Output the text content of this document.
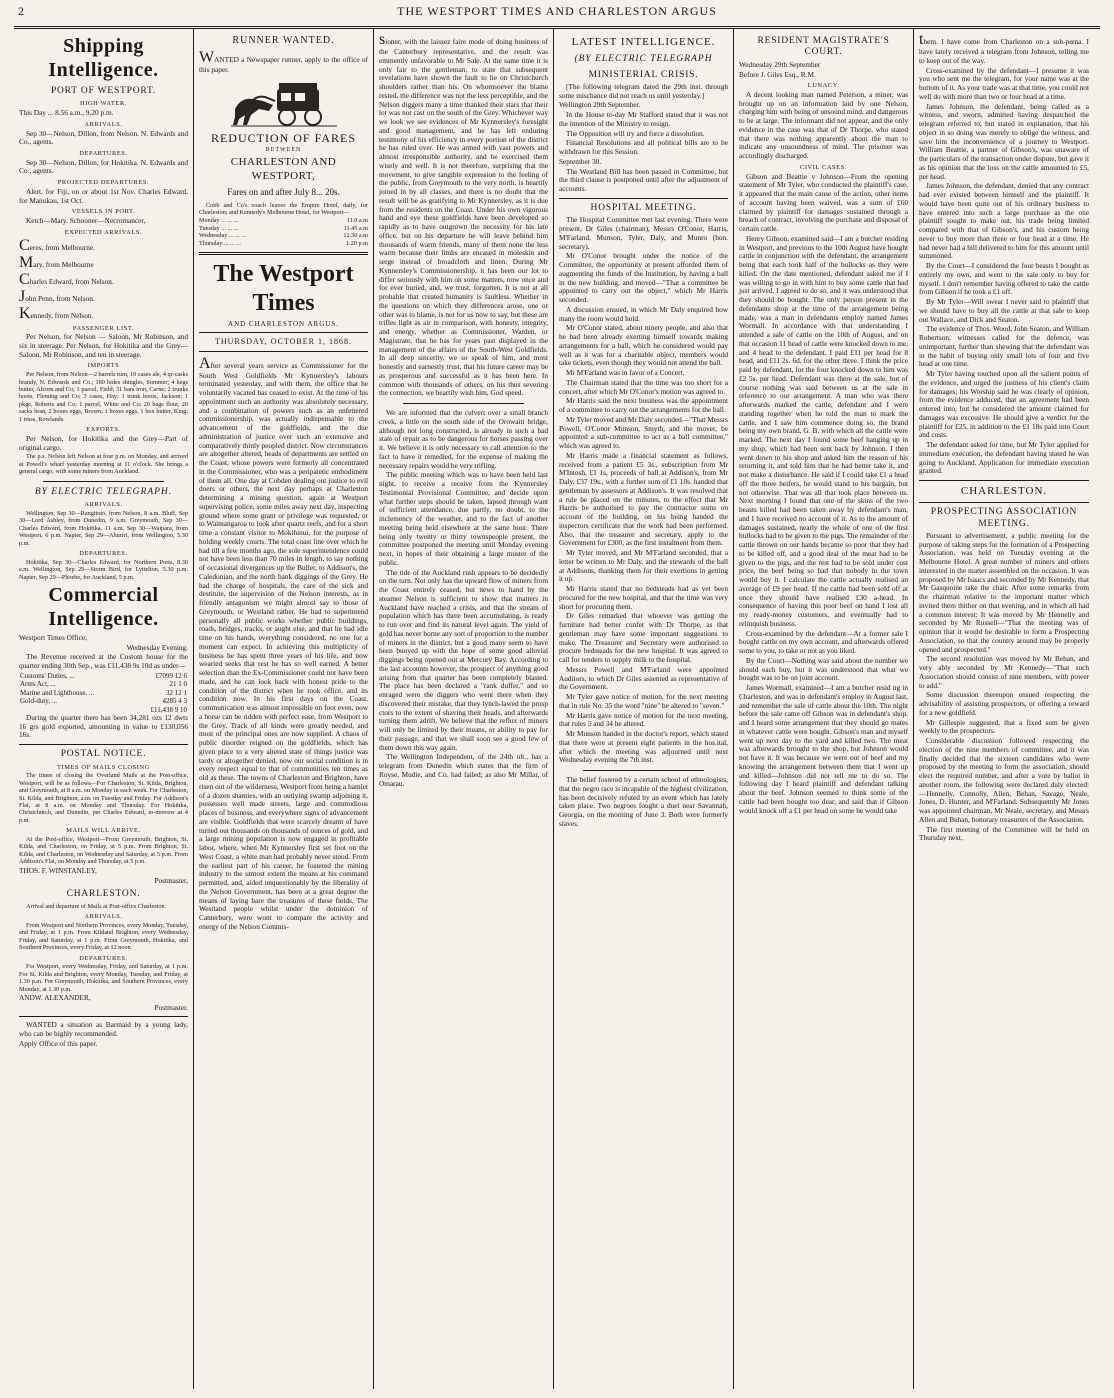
2	THE WESTPORT TIMES AND CHARLESTON ARGUS
Shipping Intelligence.
PORT OF WESTPORT.
HIGH WATER.

This Day ... 8.56 a.m., 9.20 p.m.

ARRIVALS.

Sep 30—Nelson, Dillon, from Nelson. N. Edwards and Co., agents.

DEPARTURES.

Sep 30—Nelson, Dillon, for Hokitika. N. Edwards and Co., agents.

PROJECTED DEPARTURES.

Alert, for Fiji, on or about 1st Nov. Charles Edward, for Manukau, 1st Oct.

VESSELS IN PORT.

Ketch—Mary. Schooner—Necromancer,

EXPECTED ARRIVALS.

Ceres, from Melbourne.

Mary, from Melbourne

Charles Edward, from Nelson.

John Penn, from Nelson.

Kennedy, from Nelson.

PASSENGER LIST.

Per Nelson, for Nelson — Saloon, Mr Robinson, and six in steerage. Per Nelson, for Hokitika and the Grey—Saloon, Mr Robinson, and ten in steerage.

IMPORTS

Per Nelson, from Nelson—2 barrels rum, 10 cases ale, 4 qr-casks brandy, N. Edwards and Co.; 160 hides shingles, Sommer; 4 kegs butter, Alcorn and Co; 1 parcel, Field; 31 bars iron, Carne; 2 trunks boots, Fleming and Co; 3 cases, Hay; 1 trunk boots, Jackson; 1 pkge, Roberts and Co; 1 parcel, White and Co; 20 bags flour, 20 sacks bran, 2 boxes eggs, Brown; 1 boxes eggs, 1 box butter, King; 1 truss, Rowlands.

EXPORTS.

Per Nelson, for Hokitika and the Grey—Part of original cargo.

The p.s. Nelson left Nelson at four p.m. on Monday, and arrived at Powell's wharf yesterday morning at 11 o'clock. She brings a general cargo, with some miners from Auckland.

BY ELECTRIC TELEGRAPH.
ARRIVALS.

Wellington, Sep 30—Rangitoto, from Nelson, 8 a.m. Bluff, Sep 30—Lord Ashley, from Dunedin, 9 a.m. Greymouth, Sep 30—Charles Edward, from Hokitika, 11 a.m. Sep 30—Waipara, from Westport, 6 p.m. Napier, Sep 29—Ahuriri, from Wellington, 5.30 p.m.

DEPARTURES.

Hokitika, Sep 30—Charles Edward, for Northern Ports, 8.30 a.m. Wellington, Sep 29—Storm Bird, for Lyttelton, 5.30 p.m. Napier, Sep 29—Phoebe, for Auckland, 5 p.m.

Commercial Intelligence.

Westport Times Office,

Wednesday Evening.

The Revenue received at the Custom house for the quarter ending 30th Sep., was £11,438 9s 10d as under—

Customs' Duties, ...	£7099 12 6
Arms Act, ...	21 1 0
Marine and Lighthouse, ...	32 12 1
Gold-duty, ...	4285 4 3
	£11,438 9 10

During the quarter there has been 34,281 ozs 12 dwts 16 grs gold exported, amounting in value to £130,056 16s.

POSTAL NOTICE.
TIMES OF MAILS CLOSING

The times of closing the Overland Mails at the Post-office, Westport, will be as follows—For Charleston, St. Kilda, Brighton, and Greymouth, at 8 a.m. on Monday in each week. For Charleston, St. Kilda, and Brighton, a.m. on Tuesday and Friday. For Addison's Flat, at 8 a.m. on Monday and Thursday. For Hokitika, Christchurch, and Dunedin, per Charles Edward, to-morrow at 4 p.m.

MAILS WILL ARRIVE.

At the Post-office, Westport—From Greymouth, Brighton, St. Kilda, and Charleston, on Friday, at 5 p.m. From Brighton, St. Kilda, and Charleston, on Wednesday and Saturday, at 5 p.m. From Addison's Flat, on Monday and Thursday, at 5 p.m.

THOS. F. WINSTANLEY,

Postmaster,

CHARLESTON.

Arrival and departure of Mails at Post-office Charleston.

ARRIVALS.

From Westport and Northern Provinces, every Monday, Tuesday, and Friday, at 1 p.m. From Kildand Brighton, every Wednesday, Friday, and Saturday, at 1 p.m. From Greymouth, Hokitika, and Southern Provinces, every Friday, at 12 noon.

DEPARTURES.

For Westport, every Wednesday, Friday, and Saturday, at 1 p.m. For St. Kilda and Brighton, every Monday, Tuesday, and Friday, at 1.30 p.m. For Greymouth, Hokitika, and Southern Provinces, every Monday, at 1.30 p.m.

ANDW. ALEXANDER,

Postmaster.

WANTED a situation as Barmaid by a young lady, who can be highly recommended.

Apply Office of this paper.

RUNNER WANTED.

WANTED a Newspaper runner, apply to the office of this paper.

REDUCTION OF FARES
BETWEEN
CHARLESTON AND WESTPORT,
Fares on and after July 8... 20s.

Cobb and Co's coach leaves the Empire Hotel, daily, for Charleston; and Kennedy's Melbourne Hotel, for Westport—

Monday ... ... ...	11.0 a.m
Tuesday ... ... ...	11.45 a.m
Wednesday ... ... ...	12.30 a.m
Thursday ... ... ...	1.20 p.m
The Westport Times
AND CHARLESTON ARGUS.
THURSDAY, OCTOBER 1, 1868.

After several years service as Commissioner for the South West Goldfields Mr Kynnersley's labours terminated yesterday, and with them, the office that he voluntarily vacated has ceased to exist. At the time of his appointment such an authority was absolutely necessary, and a combination of powers such as an unfettered commissionership, was actually indispensable to the advancement of the goldfields, and the due administration of justice over such an extensive and comparatively thinly peopled district. Now circumstances are altogether altered, heads of departments are settled on the Coast, whose powers were formerly all concentrated in the Commissioner, who was a peripatetic embodiment of them all. One day at Cobden dealing out justice to evil doers or others, the next day perhaps at Charleston determining a mining question, again at Westport supervising police, some miles away next day, inspecting ground where some grant or privilege was requested, or to Waimangaroa to look after quartz reefs, and for a short time a constant visitor to Mokihinui, for the purpose of holding weekly courts. The total coast line over which he had till a few months ago, the sole superintendence could not have been less than 70 miles in length, to say nothing of occasional divergences up the Buller, to Addison's, the Caledonian, and the north bank diggings of the Grey. He had the charge of hospitals, the care of the sick and destitute, the supervision of the Nelson interests, as in friendly antagonism we might almost say to those of Greymouth, or Westland rather. He had to superintend personally all public works whether public buildings, roads, bridges, tracks, or aught else, and that he had idle time on his hands, everything considered, no one for a moment can expect. In achieving this multiplicity of business he has spent three years of his life, and now wearied seeks that rest he has so well earned. A better selection than the Ex-Commissioner could not have been made, and he can look back with honest pride to the condition of the district when he took office, and its condition now. In his first days on the Coast, communication was almost impossible on foot even, now a horse can be ridden with perfect ease, from Westport to the Grey. Track of all kinds were greatly needed, and most of the principal ones are now supplied. A chaos of public disorder reigned on the goldfields, which has given place to a very altered state of things justice was tardy or altogether denied, now our social condition is in every respect equal to that of communities ten times as old as these. The towns of Charleston and Brighton, have risen out of the wilderness, Westport from being a hamlet of a dozen shanties, with an outlying swamp adjoining it, possesses well made streets, large and commodious places of business, and everywhere signs of advancement are visible. Goldfields that were scarcely dreamt of have turned out thousands on thousands of ounces of gold, and a large mining population is now engaged in profitable labor, where, when Mr Kynnersley first set foot on the West Coast, a white man had probably never stood. From the earliest part of his career, he fostered the mining industry to the utmost extent the means at his command permitted, and, aided unquestionably by the liberality of the Nelson Government, has been at a great degree the means of laying bare the treasures of these fields. The Westland people whilst under the dominion of Canterbury, were wont to compare the activity and energy of the Nelson Commis-

sioner, with the laissez faire mode of doing business of the Canterbury representative, and the result was eminently unfavorable to Mr Sale. At the same time it is only fair to the gentleman, to state that subsequent revelations have shown the fault to lie on Christchurch shoulders rather than his. On whomsoever the blame rested, the difference was not the less perceptible, and the Nelson diggers many a time thanked their stars that their lot was not cast on the south of the Grey. Whichever way we look we see evidences of Mr Kynnersley's foresight and good management, and he has left enduring testimony of his efficiency in every portion of the district he has ruled over. He was armed with vast powers and almost irresponsible authority, and he exercised them wisely and well. It is not therefore, surprising that the movement, to give tangible expression to the feeling of the public, from Greymouth to the very north, is heartily joined in by all classes, and there is no doubt that the result will be as gratifying to Mr Kynnersley, as it is due from the residents on the Coast. Under his own vigorous hand and eye these goldfields have been developed so rapidly as to have outgrown the necessity for his late office, but on his departure he will leave behind him thousands of warm friends, many of them none the less warm because their limbs are encased in moleskin and serge instead of broadcloth and linen. During Mr Kynnersley's Commissionership, it has been our lot to differ seriously with him on some matters, now once and for ever buried, and, we trust, forgotten. It is not at all probable that created humanity is faultless. Whether in the questions on which they differences arose, one or other was to blame, is not for us now to say, but these are trifles light as air in comparison, with honesty, integrity, and energy, whether as Commissioner, Warden, or Magistrate, that he has for years past displayed in the management of the affairs of the South-West Goldfields. In all deep sincerity, we so speak of him, and most honestly and earnestly trust, that his future career may be as prosperous and successful as it has been here. In common with thousands of others, on his thus severing the connection, we heartily wish him, God speed.

We are informed that the culvert over a small branch creek, a little on the south side of the Orowaiti bridge, although not long constructed, is already in such a bad state of repair as to be dangerous for horses passing over it. We believe it is only necessary to call attention to the fact to have it remedied, for the expense of making the necessary repairs would be very trifling.

The public meeting which was to have been held last night, to receive a receive from the Kynnersley Testimonial Provisional Committee, and decide upon what further steps should be taken, lapsed through want of sufficient attendance, due partly, no doubt, to the inclemency of the weather, and to the fact of another meeting being held elsewhere at the same hour. There being only twenty or thirty townspeople present, the committee postponed the meeting until Monday evening next, in hopes of their obtaining a large muster of the public.

The tide of the Auckland rush appears to be decidedly on the turn. Not only has the upward flow of miners from the Coast entirely ceased, but news to hand by the steamer Nelson is sufficient to show that matters in Auckland have reached a crisis, and that the stream of population which has there been accumulating, is ready to run over and find its natural level again. The yield of gold has never borne any sort of proportion to the number of miners in the district, but a good many seem to have been buoyed up with the hope of some good alluvial diggings being opened out at Mercury Bay. According to the last accounts however, the prospect of anything good arising from that quarter has been completely blasted. The place has been declared a "rank duffer," and so enraged were the diggers who went there when they discovered their mistake, that they lynch-lawed the prosp ctors to the extent of shaving their heads, and afterwards turning them adrift. We believe that the reflux of miners will only be limited by their means, or ability to pay for their passage, and that we shall soon see a good few of them down this way again.

The Wellington Independent, of the 24th ult., has a telegram from Dunedin which states that the firm of Royse, Mudie, and Co. had failed; as also Mr Millar, of Omarau.

LATEST INTELLIGENCE.
(BY ELECTRIC TELEGRAPH
MINISTERIAL CRISIS.

[The following telegram dated the 29th inst. through some mischance did not reach us until yesterday.]

Wellington 29th September.

In the House to-day Mr Stafford stated that it was not the intention of the Ministry to resign.

The Opposition will try and force a dissolution.

Financial Resolutions and all political bills are to be withdrawn for this Session.

September 30.

The Westland Bill has been passed in Committee, but the third clause is postponed until after the adjustment of accounts.

HOSPITAL MEETING.

The Hospital Committee met last evening. There were present, Dr Giles (chairman), Messrs O'Conor, Harris, M'Farland, Munson, Tyler, Daly, and Munro (hon. secretary).

Mr O'Conor brought under the notice of the Committee, the opportunity at present afforded them of augmenting the funds of the Institution, by having a ball in the new building, and moved—"That a committee be appointed to carry out the object," which Mr Harris seconded.

A discussion ensued, in which Mr Daly enquired how many the room would hold.

Mr O'Conor stated, about ninety people, and also that he had been already exerting himself towards making arrangements for a ball, which he considered would pay well as it was for a charitable object, members would take tickets, even though they would not attend the ball.

Mr M'Farland was in favor of a Concert.

The Chairman stated that the time was too short for a concert, after which Mr O'Conor's motion was agreed to.

Mr Harris said the next business was the appointment of a committee to carry out the arrangements for the ball.

Mr Tyler moved and Mr Daly seconded—"That Messrs Powell, O'Conor Munson, Smyth, and the mover, be appointed a sub-committee to act as a ball committee," which was agreed to.

Mr Harris made a financial statement as follows, received from a patient £5 3s., subscription from Mr M'Intosh, £1 1s, proceeds of ball at Addison's, from Mr Daly, £37 19s., with a further sum of £1 10s. handed that gentleman by assessors at Addison's. It was resolved that a rule be placed on the minutes, to the effect that Mr Harris be authorised to pay the contractor sums on account of the building, on his being handed the inspectors certificate that the work had been performed. Also, that the treasurer and secretary, apply to the Government for £300, as the first instalment from them.

Mr Tyler moved, and Mr M'Farland seconded, that a letter be written to Mr Daly, and the stewards of the ball at Addisons, thanking them for their exertions in getting it up.

Mr Harris stated that no bedsteads had as yet been procured for the new hospital, and that the time was very short for procuring them.

Dr Giles remarked that whoever was getting the furniture had better confer with Dr Thorpe, as that gentleman may have some important suggestions to make. The Treasurer and Secretary were authorised to procure bedsteads for the new hospital. It was agreed to call for tenders to supply milk to the hospital.

Messrs Powell and M'Farland were appointed Auditors, to which Dr Giles assented as representative of the Government.

Mr Tyler gave notice of motion, for the next meeting that in rule No. 35 the word "nine" be altered to "seven."

Mr Harris gave notice of motion for the next meeting, that rules 5 and 34 be altered.

Mr Munson handed in the doctor's report, which stated that there were at present eight patients in the hos.ital, after which the meeting was adjourned until next Wednesday evening the 7th inst.

The belief fostered by a certain school of ethnologists, that the negro race is incapable of the highest civilization, has been decisively refuted by an event which has lately taken place. Two negroes fought a duel near Savannah, Georgia, on the morning of June 3. Both were formerly slaves.

RESIDENT MAGISTRATE'S COURT.

Wednesday 29th September

Before J. Giles Esq., R.M.

LUNACY.

A decent looking man named Peterson, a miner, was brought up on an information laid by one Nelson, charging him with being of unsound mind, and dangerous to be at large. The informant did not appear, and the only evidence in the case was that of Dr Thorpe, who stated that there was nothing apparently about the man to indicate any unsoundness of mind. The prisoner was accordingly discharged.

CIVIL CASES.

Gibson and Beattie v Johnson—From the opening statement of Mr Tyler, who conducted the plaintiff's case, it appeared that the main cause of the action, other items of account having been waived, was a sum of £60 claimed by plaintiff for damages sustained through a breach of contract, involving the purchase and disposal of certain cattle.

Henry Gibson, examined said—I am a butcher residing in Westport, and previous to the 10th August have bought cattle in conjunction with the defendant, the arrangement being that each took half of the bullocks as they were killed. On the date mentioned, defendant asked me if I was willing to go in with him to buy some cattle that had just arrived. I agreed to do so, and it was understood that they should be bought. The only person present in the defendants shop at the time of the arrangement being made, was a man in defendants employ named James Wormall. In accordance with that understanding I attended a sale of cattle on the 10th of August, and on that occasion 11 head of cattle were knocked down to me, and 4 head to the defendant. I paid £11 per head for 8 head, and £11 2s. 6d. for the other three. I think the price paid by defendant, for the four knocked down to him was £2 5s. per head. Defendant was there at the sale, but of course nothing was said between us at the sale in reference to our arrangement. A man who was there afterwards marked the cattle, defendant and I were standing together when he told the man to mark the cattle, and I saw him commence doing so, the brand being my own brand, G. B. with which all the cattle were marked. The next day I found some beef hanging up in my shop, which had been sent back by Johnson. I then went down to his shop and asked him the reason of his returning it, and told him that he had better take it, and not make a disturbance. He said if I could take £1 a head off the three heifers, he would stand to his bargain, but not otherwise. That was all that took place between us. Next morning I found that one of the skins of the two beasts killed had been taken away by defendant's man, and I have received no account of it. As to the amount of damages sustained, nearly the whole of one of the first bullocks had to be given to the pigs. The remainder of the cattle thrown on our hands became so poor that they had to be killed off, and a good deal of the meat had to be given to the pigs, and the rest had to be sold under cost price, the beef being so bad that nobody in the town would buy it. I calculate the cattle actually realised an average of £9 per head. If the cattle had been sold off at once they should have realised £30 a-head. In consequence of having this poor beef on hand I lost all my ready-money customers, and eventually had to relinquish business.

Cross-examined by the defendant—At a former sale I bought cattle on my own account, and afterwards offered some to you, to take or not as you liked.

By the Court—Nothing was said about the number we should each buy, but it was understood that what we bought was to be on joint account.

James Wormall, examined—I am a butcher resid ng in Charleston, and was in defendant's employ in August last, and remember the sale of cattle about the 10th. The night before the sale came off Gibson was in defendant's shop, and I heard some arrangement that they should go mates in whatever cattle were bought. Gibson's man and myself went up next day to the yard and killed two. The meat was afterwards brought to the shop, but Johnson would not have it. It was because we were out of beef and my knowing the arrangement between them that I went up and killed—Johnson did not tell me to do so. The following day I heard plaintiff and defendant talking about the beef. Johnson seemed to think some of the cattle had been bought too dear, and said that if Gibson would knock off a £1 per head on some he would take

them. I have come from Charleston on a sub-pœna. I have lately received a telegram from Johnson, telling me to keep out of the way.

Cross-examined by the defendant—I presume it was you who sent me the telegram, for your name was at the bottom of it. As your trade was at that time, you could not well do with more than two or four head at a time.

James Johnson, the defendant, being called as a witness, and sworn, admitted having despatched the telegram referred to, but stated in explanation, that his object in so doing was merely to oblige the witness, and save him the inconvenience of a journey to Westport. William Beattie, a partner of Gibson's, was unaware of the particulars of the transaction under dispute, but gave it as his opinion that the loss on the cattle amounted to £5, per head.

James Johnson, the defendant, denied that any contract had ever existed between himself and the plaintiff. It would have been quite out of his ordinary business to have entered into such a large purchase as the one plaintiff sought to make out, his trade being limited compared with that of Gibson's, and his custom being never to buy more than three or four head at a time. He had never had a bill delivered to him for this amount until summoned.

By the Court—I considered the four beasts I bought as entirely my own, and went to the sale only to buy for myself. I don't remember having offered to take the cattle from Gibson if he took a £1 off.

By Mr Tyler—Will swear I never said to plaintiff that we should have to buy all the cattle at that sale to keep out Wallace, and Dick and Seaton.

The evidence of Thos. Wood, John Seaton, and William Robertson, witnesses called for the defence, was unimportant, further than shewing that the defendant was in the habit of buying only small lots of four and five head at one time.

Mr Tyler having touched upon all the salient points of the evidence, and urged the justness of his client's claim for damages; his Worship said he was clearly of opinion, from the evidence adduced, that an agreement had been entered into, but he considered the amount claimed for damages was excessive. He should give a verdict for the plaintiff for £25, in addition to the £1 18s paid into Court and costs.

The defendant asked for time, but Mr Tyler applied for immediate execution, the defendant having stated he was going to Auckland. Application for immediate execution granted.

CHARLESTON.
PROSPECTING ASSOCIATION MEETING.

Pursuant to advertisement, a public meeting for the purpose of taking steps for the formation of a Prospecting Association, was held on Tuesday evening at the Melbourne Hotel. A great number of miners and others interested in the matter assembled on the occasion. It was proposed by Mr Isaacs and seconded by Mr Kennedy, that Mr Gasquoine take the chair. After some remarks from the chairman relative to the important matter which invited them thither on that evening, and in which all had a common interest: It was moved by Mr Hennelly and seconded by Mr Russell—"That the meeting was of opinion that it would be desirable to form a Prospecting Association, so that the country around may be properly opened and prospected."

The second resolution was moved by Mr Behan, and very ably seconded by Mr Kennedy—"That such Association should consist of nine members, with power to add."

Some discussion thereupon ensued respecting the advisability of assisting prospectors, or offering a reward for a new goldfield.

Mr Gillespie suggested, that a fixed sum be given weekly to the prospectors.

Considerable discussion followed respecting the election of the nine members of committee, and it was finally decided that the sixteen candidates who were proposed by the meeting to form the association, should elect the required number, and after a vote by ballot in another room, the following were declared duly elected:—Hennelly, Connolly, Allen, Behan, Savage, Neale, Jones, D. Hunter, and M'Farland. Subsequently Mr Jones was appointed chairman, Mr Neale, secretary, and Messrs Allen and Behan, honorary treasurers of the Association.

The first meeting of the Committee will be held on Thursday next,
